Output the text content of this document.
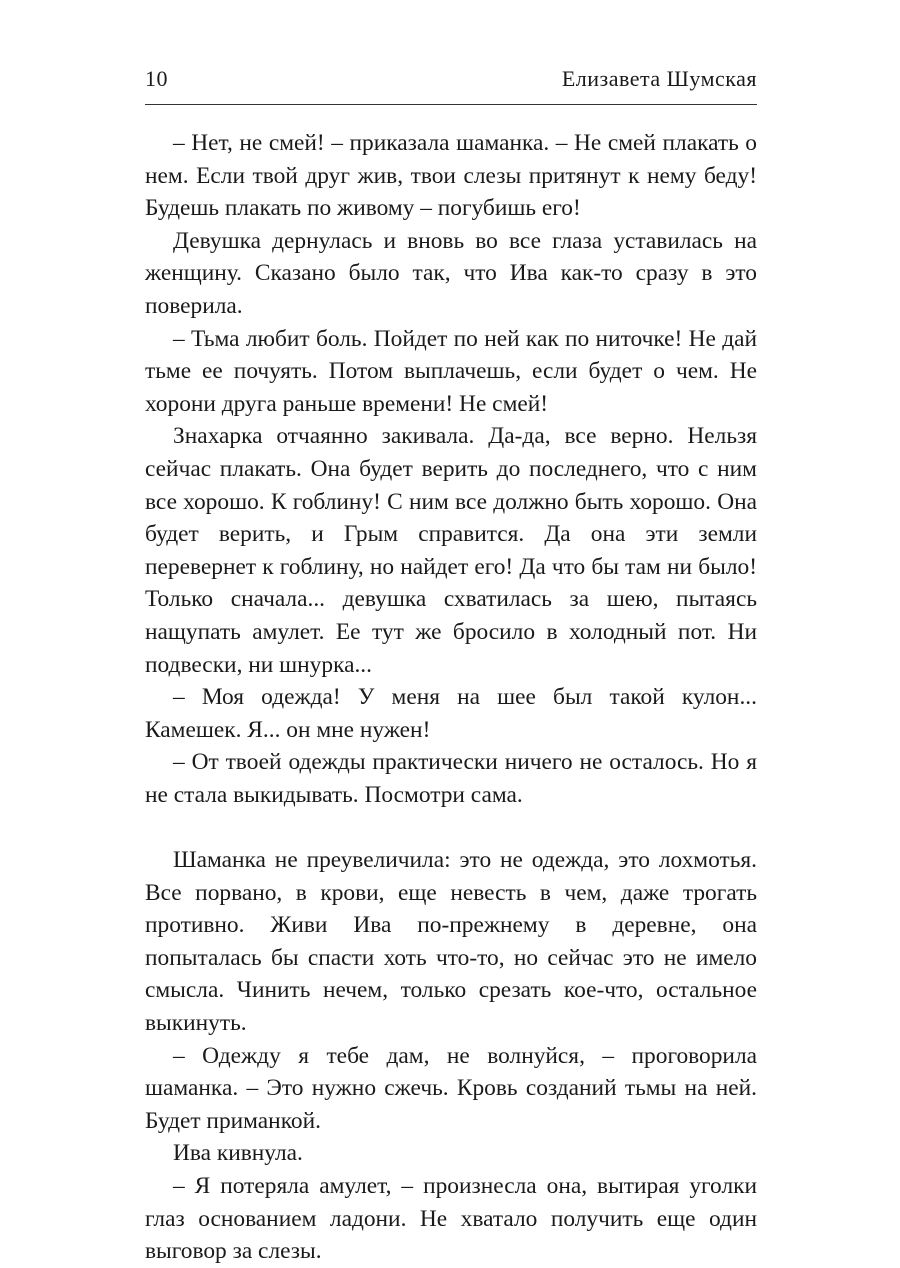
10	Елизавета Шумская

– Нет, не смей! – приказала шаманка. – Не смей плакать о нем. Если твой друг жив, твои слезы притянут к нему беду! Будешь плакать по живому – погубишь его!

Девушка дернулась и вновь во все глаза уставилась на женщину. Сказано было так, что Ива как-то сразу в это поверила.

– Тьма любит боль. Пойдет по ней как по ниточке! Не дай тьме ее почуять. Потом выплачешь, если будет о чем. Не хорони друга раньше времени! Не смей!

Знахарка отчаянно закивала. Да-да, все верно. Нельзя сейчас плакать. Она будет верить до последнего, что с ним все хорошо. К гоблину! С ним все должно быть хорошо. Она будет верить, и Грым справится. Да она эти земли перевернет к гоблину, но найдет его! Да что бы там ни было! Только сначала... девушка схватилась за шею, пытаясь нащупать амулет. Ее тут же бросило в холодный пот. Ни подвески, ни шнурка...

– Моя одежда! У меня на шее был такой кулон... Камешек. Я... он мне нужен!

– От твоей одежды практически ничего не осталось. Но я не стала выкидывать. Посмотри сама.

Шаманка не преувеличила: это не одежда, это лохмотья. Все порвано, в крови, еще невесть в чем, даже трогать противно. Живи Ива по-прежнему в деревне, она попыталась бы спасти хоть что-то, но сейчас это не имело смысла. Чинить нечем, только срезать кое-что, остальное выкинуть.

– Одежду я тебе дам, не волнуйся, – проговорила шаманка. – Это нужно сжечь. Кровь созданий тьмы на ней. Будет приманкой.

Ива кивнула.

– Я потеряла амулет, – произнесла она, вытирая уголки глаз основанием ладони. Не хватало получить еще один выговор за слезы.
